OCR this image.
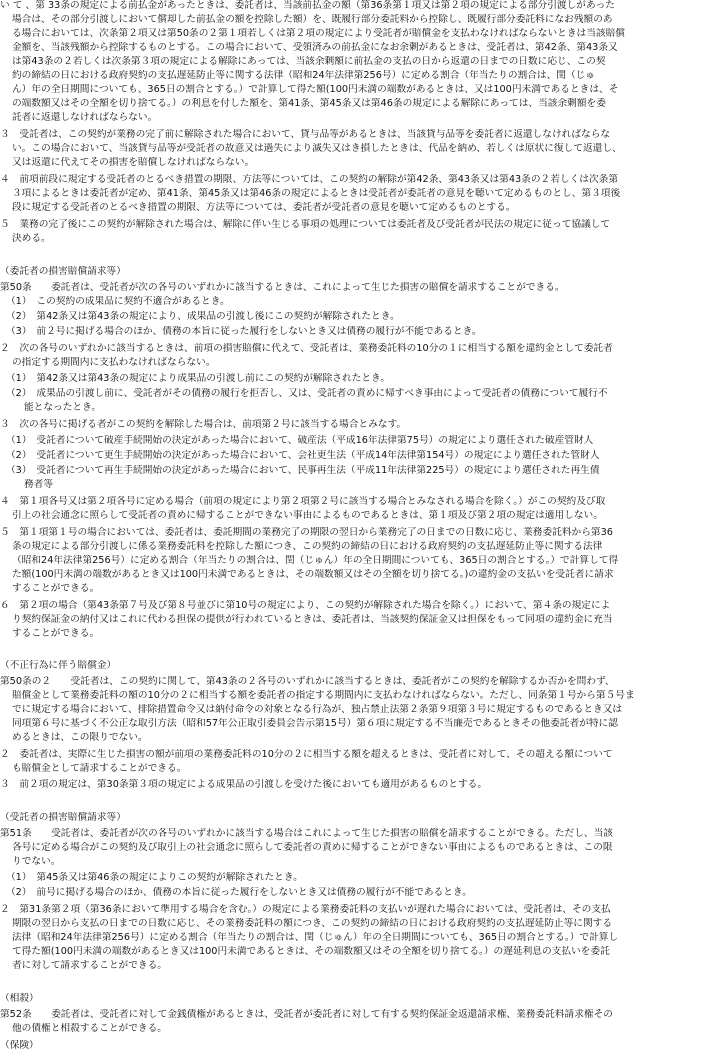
い て 、第 33条の規定による前払金があったときは、委託者は、当該前払金の額（第36条第１項又は第２項の規定による部分引渡しがあった
場合は、その部分引渡しにおいて償却した前払金の額を控除した額）を、既履行部分委託料から控除し、既履行部分委託料になお残額のあ
る場合においては、次条第２項又は第50条の２第１項若しくは第２項の規定により受託者が賠償金を支払わなければならないときは当該賠償
金額を、当該残額から控除するものとする。この場合において、受領済みの前払金になお余剰があるときは、受託者は、第42条、第43条又
は第43条の２若しくは次条第３項の規定による解除にあっては、当該余剰額に前払金の支払の日から返還の日までの日数に応じ、この契
約の締結の日における政府契約の支払遅延防止等に関する法律（昭和24年法律第256号）に定める割合（年当たりの割合は、閏（じゅ
ん）年の全日期間についても、365日の割合とする。）で計算して得た額(100円未満の端数があるときは、又は100円未満であるときは、そ
の端数額又はその全額を切り捨てる。）の利息を付した額を、第41条、第45条又は第46条の規定による解除にあっては、当該余剰額を委
託者に返還しなければならない。
３　受託者は、この契約が業務の完了前に解除された場合において、貸与品等があるときは、当該貸与品等を委託者に返還しなければならな
い。この場合において、当該貸与品等が受託者の故意又は過失により滅失又はき損したときは、代品を納め、若しくは原状に復して返還し、
又は返還に代えてその損害を賠償しなければならない。
４　前項前段に規定する受託者のとるべき措置の期限、方法等については、この契約の解除が第42条、第43条又は第43条の２若しくは次条第
３項によるときは委託者が定め、第41条、第45条又は第46条の規定によるときは受託者が委託者の意見を聴いて定めるものとし、第３項後
段に規定する受託者のとるべき措置の期限、方法等については、委託者が受託者の意見を聴いて定めるものとする。
５　業務の完了後にこの契約が解除された場合は、解除に伴い生じる事項の処理については委託者及び受託者が民法の規定に従って協議して
決める。
（委託者の損害賠償請求等）
第50条　　委託者は、受託者が次の各号のいずれかに該当するときは、これによって生じた損害の賠償を請求することができる。
（1）　この契約の成果品に契約不適合があるとき。
（2）　第42条又は第43条の規定により、成果品の引渡し後にこの契約が解除されたとき。
（3）　前２号に掲げる場合のほか、債務の本旨に従った履行をしないとき又は債務の履行が不能であるとき。
２　次の各号のいずれかに該当するときは、前項の損害賠償に代えて、受託者は、業務委託料の10分の１に相当する額を違約金として委託者
の指定する期間内に支払わなければならない。
（1）　第42条又は第43条の規定により成果品の引渡し前にこの契約が解除されたとき。
（2）　成果品の引渡し前に、受託者がその債務の履行を拒否し、又は、受託者の責めに帰すべき事由によって受託者の債務について履行不
能となったとき。
３　次の各号に掲げる者がこの契約を解除した場合は、前項第２号に該当する場合とみなす。
（1）　受託者について破産手続開始の決定があった場合において、破産法（平成16年法律第75号）の規定により選任された破産管財人
（2）　受託者について更生手続開始の決定があった場合において、会社更生法（平成14年法律第154号）の規定により選任された管財人
（3）　受託者について再生手続開始の決定があった場合において、民事再生法（平成11年法律第225号）の規定により選任された再生債
務者等
４　第１項各号又は第２項各号に定める場合（前項の規定により第２項第２号に該当する場合とみなされる場合を除く。）がこの契約及び取
引上の社会通念に照らして受託者の責めに帰することができない事由によるものであるときは、第１項及び第２項の規定は適用しない。
５　第１項第１号の場合においては、委託者は、委託期間の業務完了の期限の翌日から業務完了の日までの日数に応じ、業務委託料から第36
条の規定による部分引渡しに係る業務委託料を控除した額につき、この契約の締結の日における政府契約の支払遅延防止等に関する法律
（昭和24年法律第256号）に定める割合（年当たりの割合は、閏（じゅん）年の全日期間についても、365日の割合とする。）で計算して得
た額(100円未満の端数があるとき又は100円未満であるときは、その端数額又はその全額を切り捨てる。)の違約金の支払いを受託者に請求
することができる。
６　第２項の場合（第43条第７号及び第８号並びに第10号の規定により、この契約が解除された場合を除く。）において、第４条の規定によ
り契約保証金の納付又はこれに代わる担保の提供が行われているときは、委託者は、当該契約保証金又は担保をもって同項の違約金に充当
することができる。
（不正行為に伴う賠償金）
第50条の２　　受託者は、この契約に関して、第43条の２各号のいずれかに該当するときは、委託者がこの契約を解除するか否かを問わず、
賠償金として業務委託料の額の10分の２に相当する額を委託者の指定する期間内に支払わなければならない。ただし、同条第１号から第５号ま
でに規定する場合において、排除措置命令又は納付命令の対象となる行為が、独占禁止法第２条第９項第３号に規定するものであるとき又は
同項第６号に基づく不公正な取引方法（昭和57年公正取引委員会告示第15号）第６項に規定する不当廉売であるときその他委託者が特に認
めるときは、この限りでない。
２　委託者は、実際に生じた損害の額が前項の業務委託料の10分の２に相当する額を超えるときは、受託者に対して、その超える額について
も賠償金として請求することができる。
３　前２項の規定は、第30条第３項の規定による成果品の引渡しを受けた後においても適用があるものとする。
（受託者の損害賠償請求等）
第51条　　受託者は、委託者が次の各号のいずれかに該当する場合はこれによって生じた損害の賠償を請求することができる。ただし、当該
各号に定める場合がこの契約及び取引上の社会通念に照らして委託者の責めに帰することができない事由によるものであるときは、この限
りでない。
（1）　第45条又は第46条の規定によりこの契約が解除されたとき。
（2）　前号に掲げる場合のほか、債務の本旨に従った履行をしないとき又は債務の履行が不能であるとき。
２　第31条第２項（第36条において準用する場合を含む。）の規定による業務委託料の支払いが遅れた場合においては、受託者は、その支払
期限の翌日から支払の日までの日数に応じ、その業務委託料の額につき、この契約の締結の日における政府契約の支払遅延防止等に関する
法律（昭和24年法律第256号）に定める割合（年当たりの割合は、閏（じゅん）年の全日期間についても、365日の割合とする。）で計算し
て得た額(100円未満の端数があるとき又は100円未満であるときは、その端数額又はその全額を切り捨てる。）の遅延利息の支払いを委託
者に対して請求することができる。
（相殺）
第52条　　委託者は、受託者に対して金銭債権があるときは、受託者が委託者に対して有する契約保証金返還請求権、業務委託料請求権その
他の債権と相殺することができる。
（保険）
